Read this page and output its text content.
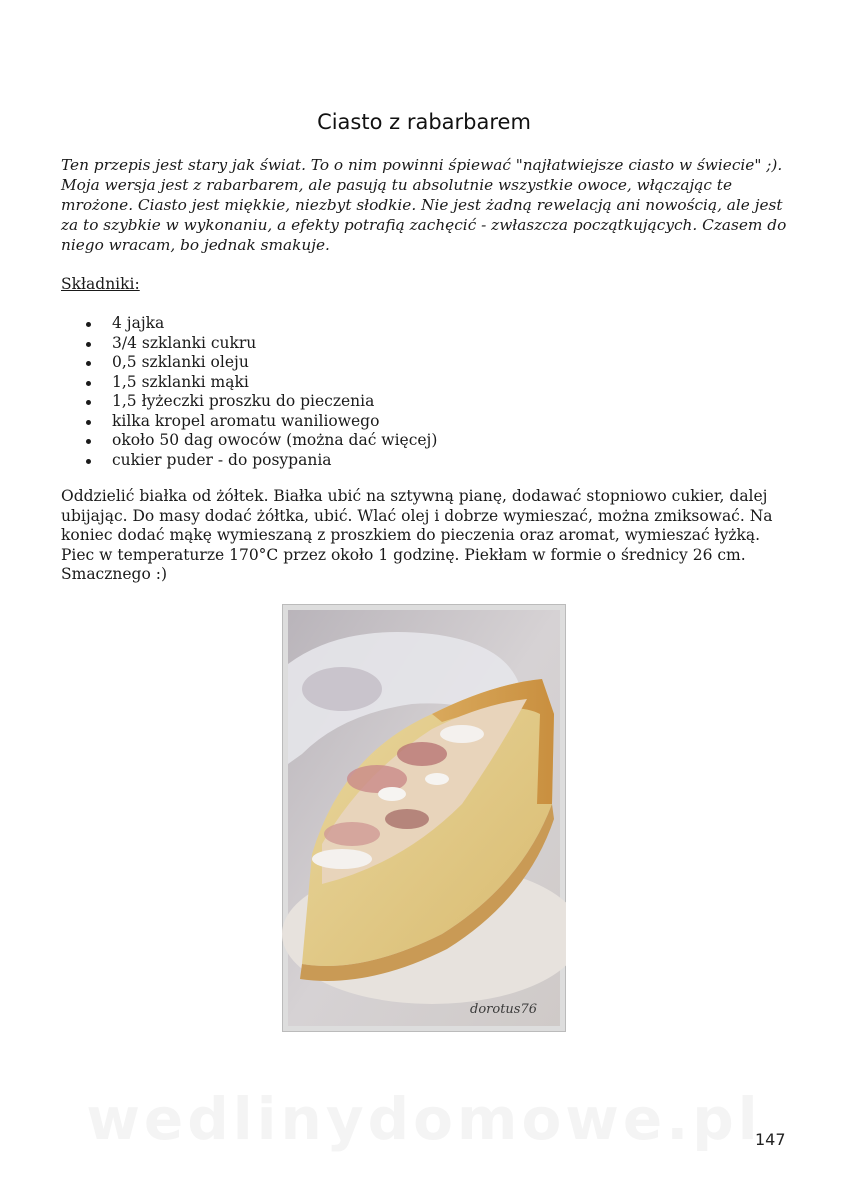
Ciasto z rabarbarem
Ten przepis jest stary jak świat. To o nim powinni śpiewać "najłatwiejsze ciasto w świecie" ;). Moja wersja jest z rabarbarem, ale pasują tu absolutnie wszystkie owoce, włączając te mrożone. Ciasto jest miękkie, niezbyt słodkie. Nie jest żadną rewelacją ani nowością, ale jest za to szybkie w wykonaniu, a efekty potrafią zachęcić - zwłaszcza początkujących. Czasem do niego wracam, bo jednak smakuje.
Składniki:
4 jajka
3/4 szklanki cukru
0,5 szklanki oleju
1,5 szklanki mąki
1,5 łyżeczki proszku do pieczenia
kilka kropel aromatu waniliowego
około 50 dag owoców (można dać więcej)
cukier puder - do posypania
Oddzielić białka od żółtek. Białka ubić na sztywną pianę, dodawać stopniowo cukier, dalej ubijając. Do masy dodać żółtka, ubić. Wlać olej i dobrze wymieszać, można zmiksować. Na koniec dodać mąkę wymieszaną z proszkiem do pieczenia oraz aromat, wymieszać łyżką. Piec w temperaturze 170°C przez około 1 godzinę. Piekłam w formie o średnicy 26 cm. Smacznego :)
dorotus76
wedlinydomowe.pl
147
